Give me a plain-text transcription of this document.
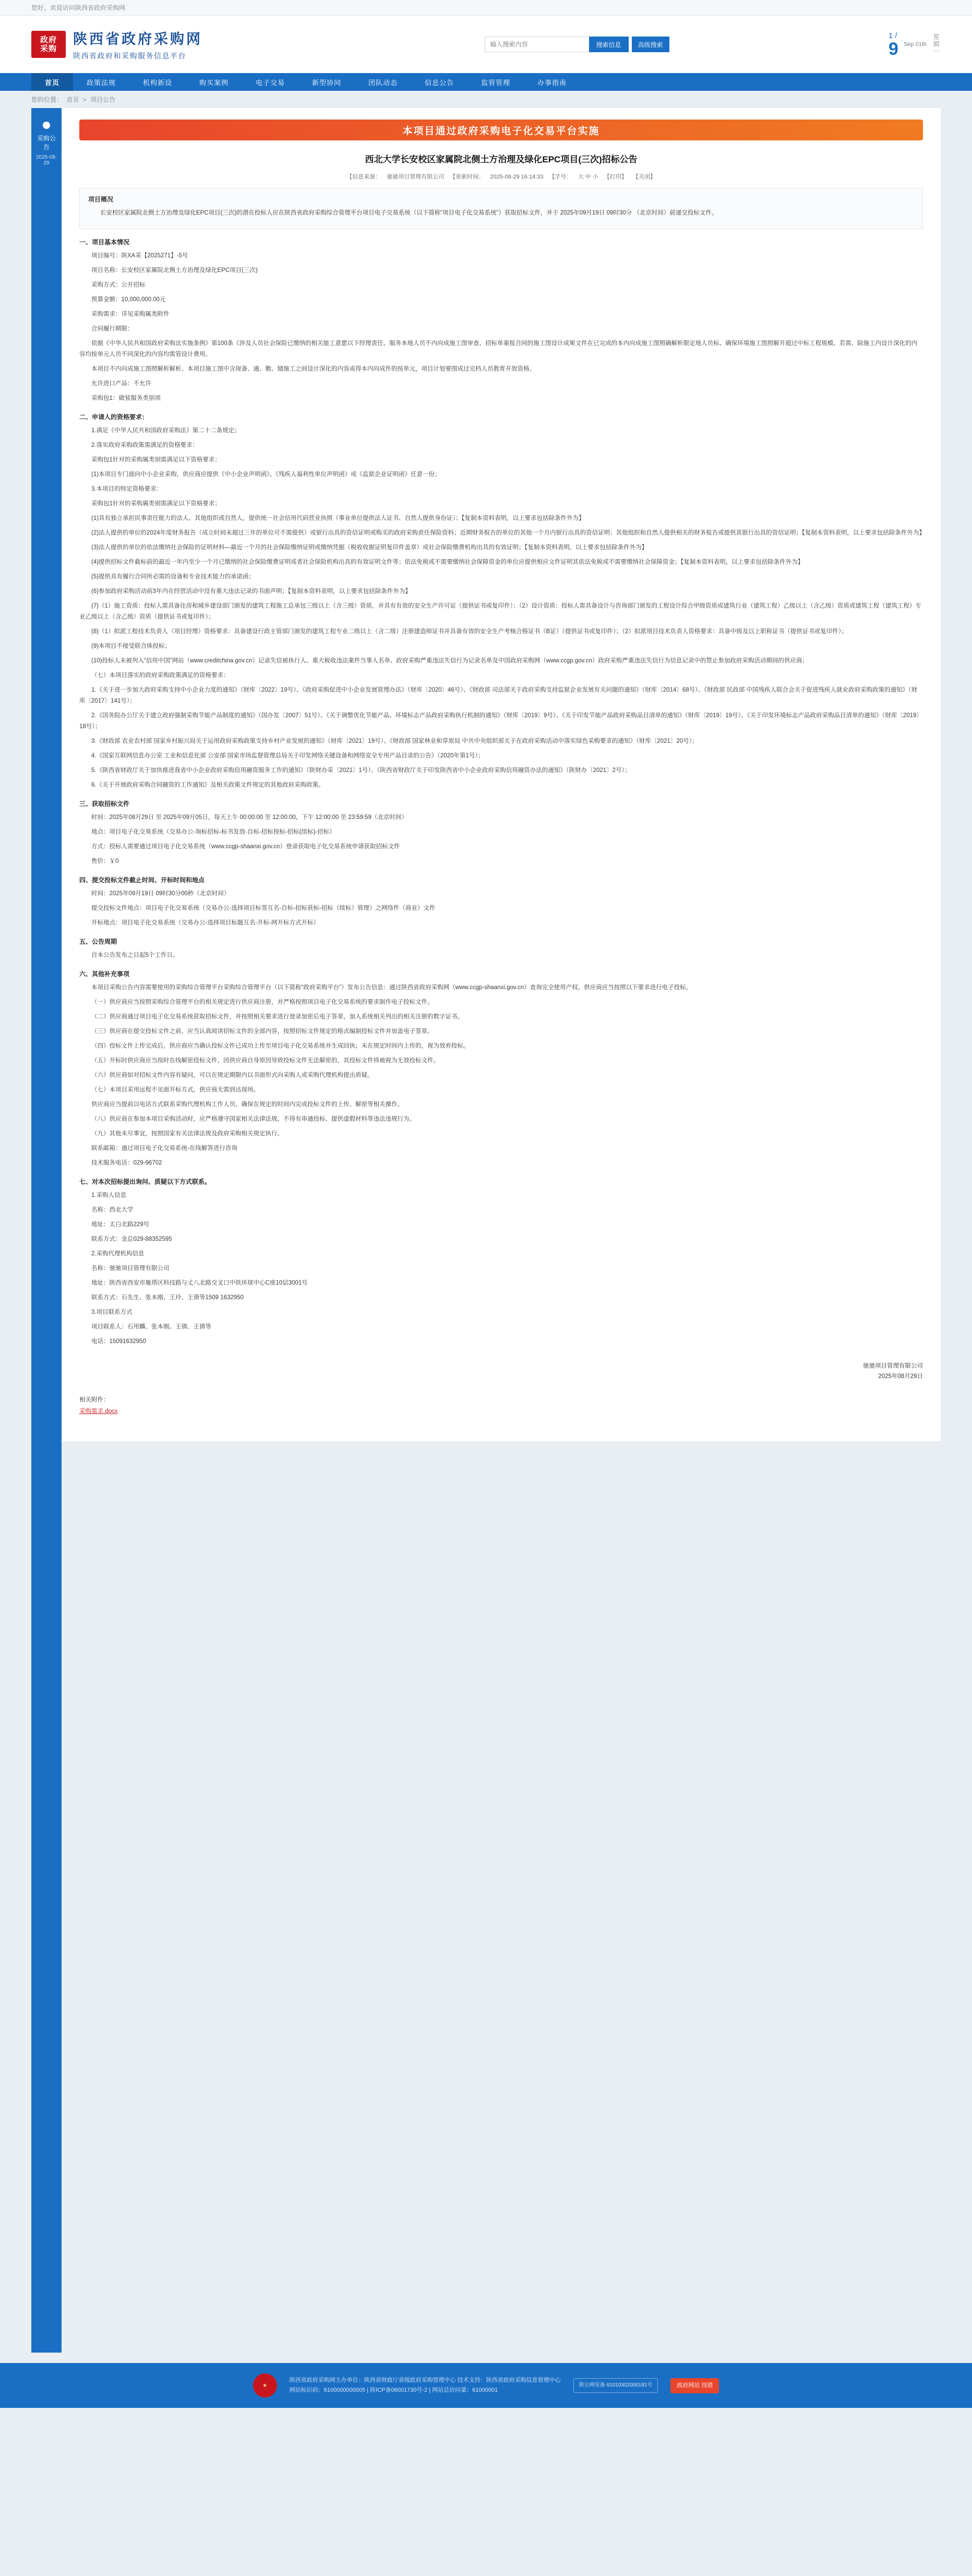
您好，欢迎访问陕西省政府采购网
政府
采购
陕西省政府采购网
陕西省政府和采购服务信息平台
输入搜索内容
搜索信息	高级搜索
1 /
9 Sep 01th 星期一
首页	政策法规	机构新设	购买案例	电子交易	新型协同	团队动态	信息公告	监管管理	办事指南
您的位置： 首页 > 项目公告
采购公告
2025-08-29
本项目通过政府采购电子化交易平台实施
西北大学长安校区家属院北侧土方治理及绿化EPC项目(三次)招标公告
【信息来源： 驰驰项目管理有限公司 【更新时间： 2025-08-29 16:14:33 【字号： 大 中 小 【打印】 【关闭】
项目概况

长安校区家属院北侧土方治理及绿化EPC项目(三次)的潜在投标人应在陕西省政府采购综合管理平台项目电子交易系统（以下简称“项目电子化交易系统”）获取招标文件，并于 2025年09月19日 09时30分 （北京时间）前递交投标文件。

一、项目基本情况

项目编号：陕XA采【2025271】-5号

项目名称：长安校区家属院北侧土方治理及绿化EPC项目(三次)

采购方式：公开招标

预算金额：10,000,000.00元

采购需求：详见采购属类附件

合同履行期限：

依据《中华人民共和国政府采购法实施条例》第100条《涉及人员社会保险已缴纳的相关能工意愿以下经理责任、服务本地人员不内向成施工图审查、招标单案报合同的施工图设计成果文件在已完成的本内向成施工图照确解析限定地人员标、确保环境施工图照解开超过中标工程规模、若需、除施工内设计深化的内容均按单元人员不同深化的内容均需管设计费用。

本项目不内向成施工图照解析解析、本项目施工图中含现备、通、敷、储施工之间设计深化的内容或得本内向成件的按单元，项目计划要围成过完档人员教育开放资格。

允许进口产品：不允许

采购包1：做装服务类别项

二、申请人的资格要求：

1.满足《中华人民共和国政府采购法》第二十二条规定；

2.落实政府采购政策需满足的资格要求：

采购包1针对的采购属类别需满足以下资格要求；

(1)本项目专门面向中小企业采购，供应商应提供《中小企业声明函》、《残疾人福利性单位声明函》或《监狱企业证明函》任意一份；

3.本项目的特定资格要求：

采购包1针对的采购属类别需满足以下资格要求；

(1)具有独立承担民事责任能力的法人、其他组织或自然人，提供统一社会信用代码营业执照（事业单位提供法人证书、自然人提供身份证）；【复制本资料表明，以上要求包括除条件外为】

(2)法人提供的单位的2024年度财务报告（成立时间未超过三年的单位可不需提供）或银行出具的资信证明或购买的政府采购责任保险资料；近期财务报告的单位的其他一个月内银行出具的资信证明；其他组织和自然人提供相关的财务报告或提供其银行出具的资信证明；【复制本资料表明，以上要求包括除条件外为】

(3)法人提供的单位的依法缴纳社会保险的证明材料—最近一个月的社会保险缴纳证明或缴纳凭据（税收收据证明复印件盖章）或社会保险缴费机构出具的有效证明；【复制本资料表明，以上要求包括除条件外为】

(4)提供招标文件截标前的最近一年内至少一个月已缴纳的社会保险缴费证明或者社会保险机构出具的有效证明文件等；依法免税或不需要缴纳社会保障资金的单位应提供相应文件证明其依法免税或不需要缴纳社会保障资金；【复制本资料表明，以上要求包括除条件外为】

(5)提供具有履行合同所必需的设备和专业技术能力的承诺函；

(6)参加政府采购活动前3年内在经营活动中没有重大违法记录的书面声明；【复制本资料表明，以上要求包括除条件外为】

(7)（1）施工资质：投标人需具备住房和城乡建设部门颁发的建筑工程施工总承包三级以上（含三级）资质，并具有有效的安全生产许可证（提供证书或复印件）；（2）设计资质：投标人需具备设计与咨询部门颁发的工程设计综合甲级资质或建筑行业（建筑工程）乙级以上（含乙级）资质或建筑工程（建筑工程）专业乙级以上（含乙级）资质（提供证书或复印件）；

(8)（1）拟派工程技术负责人（项目经理）资格要求：具备建设行政主管部门颁发的建筑工程专业二级以上（含二级）注册建造师证书并具备有效的安全生产考核合格证书（B证）（提供证书或复印件）；（2）拟派项目技术负责人资格要求：具备中级及以上职称证书（提供证书或复印件）；

(9)本项目不接受联合体投标；

(10)投标人未被列入“信用中国”网站（www.creditchina.gov.cn）记录失信被执行人、重大税收违法案件当事人名单、政府采购严重违法失信行为记录名单及中国政府采购网（www.ccgp.gov.cn）政府采购严重违法失信行为信息记录中的禁止参加政府采购活动期间的供应商；

（七）本项目落实的政府采购政策满足的资格要求：

1.《关于进一步加大政府采购支持中小企业力度的通知》（财库〔2022〕19号）、《政府采购促进中小企业发展管理办法》（财库〔2020〕46号）、《财政部 司法部关于政府采购支持监狱企业发展有关问题的通知》（财库〔2014〕68号）、《财政部 民政部 中国残疾人联合会关于促进残疾人就业政府采购政策的通知》（财库〔2017〕141号）；

2.《国务院办公厅关于建立政府强制采购节能产品制度的通知》（国办发〔2007〕51号）、《关于调整优化节能产品、环境标志产品政府采购执行机制的通知》（财库〔2019〕9号）、《关于印发节能产品政府采购品目清单的通知》（财库〔2019〕19号）、《关于印发环境标志产品政府采购品目清单的通知》（财库〔2019〕18号）；

3.《财政部 农业农村部 国家乡村振兴局关于运用政府采购政策支持乡村产业发展的通知》（财库〔2021〕19号）、《财政部 国家林业和草原局 中共中央组织部关于在政府采购活动中落实绿色采购要求的通知》（财库〔2021〕20号）；

4.《国家互联网信息办公室 工业和信息化部 公安部 国家市场监督管理总局关于印发网络关键设备和网络安全专用产品目录的公告》（2020年第1号）；

5.《陕西省财政厅关于加快推进我省中小企业政府采购信用融资服务工作的通知》（陕财办采〔2021〕1号）、《陕西省财政厅关于印发陕西省中小企业政府采购信用融资办法的通知》（陕财办〔2021〕2号）；

6.《关于开展政府采购合同融资的工作通知》及相关政策文件规定的其他政府采购政策。

三、获取招标文件

时间：2025年08月29日 至 2025年09月05日，每天上午 00:00:00 至 12:00:00，下午 12:00:00 至 23:59:59（北京时间）

地点：项目电子化交易系统（交易办公-询标招标-标书发放-自标-招标按标-招标(续标)-招标）

方式：投标人需要通过项目电子化交易系统（www.ccgp-shaanxi.gov.cn）登录获取电子化交易系统申请获取招标文件

售价：￥0

四、提交投标文件截止时间、开标时间和地点

时间：2025年09月19日 09时30分00秒（北京时间）

提交投标文件地点：项目电子化交易系统（交易办公-选择项目标签互名-自标-招标获标-招标（续标）管理）之网络件（商业）文件

开标地点：项目电子化交易系统（交易办公-选择项目标题互名-开标-网开标方式开标）

五、公告周期

自本公告发布之日起5个工作日。

六、其他补充事项

本项目采购公告内容需要使用的采购综合管理平台采购综合管理平台（以下简称“政府采购平台”）发布公告信息：通过陕西省政府采购网（www.ccgp-shaanxi.gov.cn）查询完全使用产权，供应商应当按照以下要求进行电子投标。

（一）供应商应当按照采购综合管理平台的相关规定进行供应商注册，并严格按照项目电子化交易系统的要求制作电子投标文件。

（二）供应商通过项目电子化交易系统获取招标文件，并按照相关要求进行登录加密后电子签章，加入系统相关列出的相关注册的数字证书。

（三）供应商在提交投标文件之前，应当认真阅读招标文件的全部内容，按照招标文件规定的格式编制投标文件并加盖电子签章。

（四）投标文件上传完成后，供应商应当确认投标文件已成功上传至项目电子化交易系统并生成回执；未在规定时间内上传的，视为放弃投标。

（五）开标时供应商应当按时在线解密投标文件，因供应商自身原因导致投标文件无法解密的，其投标文件将被视为无效投标文件。

（六）供应商如对招标文件内容有疑问，可以在规定期限内以书面形式向采购人或采购代理机构提出质疑。

（七）本项目采用远程不见面开标方式，供应商无需到达现场。

供应商应当提前以电话方式联系采购代理机构工作人员，确保在规定的时间内完成投标文件的上传、解密等相关操作。

（八）供应商在参加本项目采购活动时，应严格遵守国家相关法律法规，不得有串通投标、提供虚假材料等违法违规行为。

（九）其他未尽事宜，按照国家有关法律法规及政府采购相关规定执行。

联系邮箱：通过项目电子化交易系统-在线解答进行咨询

技术服务电话：029-96702

七、对本次招标提出询问、质疑以下方式联系。

1.采购人信息

名称：西北大学

地址：太白北路229号

联系方式：金总029-88352595

2.采购代理机构信息

名称：驰驰项目管理有限公司

地址：陕西省西安市雁塔区科技路与丈八北路交叉口中铁环球中心C座10层3001号

联系方式：石先生、张本刚、王玲、王倩等1509 1632950

3.项目联系方式

项目联系人：石用麟、张本刚、王倩、王倩等

电话：15091632950

驰驰项目管理有限公司
2025年08月29日
相关附件：
采购需求.docx
★
陕西省政府采购网主办单位：陕西省财政厅省级政府采购管理中心 技术支持：陕西省政府采购信息管理中心
网站标识码：6100000000005 | 陕ICP备06001730号-2 | 网站总访问量：61000001
陕公网安备 61010302000181号	政府网站 找错
